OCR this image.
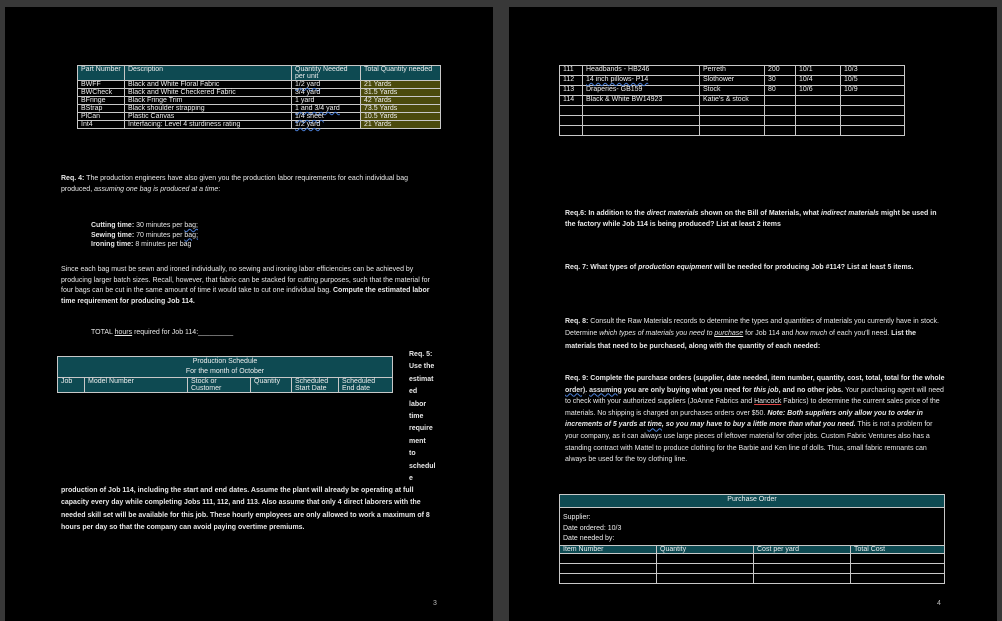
Part Number	Description	Quantity Needed per unit	Total Quantity needed
BWFF	Black and White Floral Fabric	1/2 yard	21 Yards
BWCheck	Black and White Checkered Fabric	3/4 yard	31.5 Yards
BFringe	Black Fringe Trim	1 yard	42 Yards
BStrap	Black shoulder strapping	1 and 3/4 yard	73.5 Yards
PlCan	Plastic Canvas	1/4 sheet	10.5 Yards
Int4	Interfacing: Level 4 sturdiness rating	1/2 yard	21 Yards
Req. 4: The production engineers have also given you the production labor requirements for each individual bag produced, assuming one bag is produced at a time:
Cutting time: 30 minutes per bag;
Sewing time: 70 minutes per bag;
Ironing time: 8 minutes per bag
Since each bag must be sewn and ironed individually, no sewing and ironing labor efficiencies can be achieved by producing larger batch sizes. Recall, however, that fabric can be stacked for cutting purposes, such that the material for four bags can be cut in the same amount of time it would take to cut one individual bag. Compute the estimated labor time requirement for producing Job 114.
TOTAL hours required for Job 114:_________
Production Schedule
For the month of October

Job	Model Number	Stock or Customer	Quantity	Scheduled Start Date	Scheduled End date
Req. 5:
Use the
estimat
ed
labor
time
require
ment
to
schedul
e
production of Job 114, including the start and end dates. Assume the plant will already be operating at full capacity every day while completing Jobs 111, 112, and 113. Also assume that only 4 direct laborers with the needed skill set will be available for this job. These hourly employees are only allowed to work a maximum of 8 hours per day so that the company can avoid paying overtime premiums.
3
111	Headbands - HB246	Perreth	200	10/1	10/3
112	14 inch pillows- P14	Slothower	30	10/4	10/5
113	Draperies- GB159	Stock	80	10/6	10/9
114	Black & White BW14923	Katie's & stock			

Req.6: In addition to the direct materials shown on the Bill of Materials, what indirect materials might be used in the factory while Job 114 is being produced? List at least 2 items
Req. 7: What types of production equipment will be needed for producing Job #114? List at least 5 items.
Req. 8: Consult the Raw Materials records to determine the types and quantities of materials you currently have in stock. Determine which types of materials you need to purchase for Job 114 and how much of each you'll need. List the materials that need to be purchased, along with the quantity of each needed:
Req. 9: Complete the purchase orders (supplier, date needed, item number, quantity, cost, total, total for the whole order). assuming you are only buying what you need for this job, and no other jobs. Your purchasing agent will need to check with your authorized suppliers (JoAnne Fabrics and Hancock Fabrics) to determine the current sales price of the materials. No shipping is charged on purchases orders over $50. Note: Both suppliers only allow you to order in increments of 5 yards at time, so you may have to buy a little more than what you need. This is not a problem for your company, as it can always use large pieces of leftover material for other jobs. Custom Fabric Ventures also has a standing contract with Mattel to produce clothing for the Barbie and Ken line of dolls. Thus, small fabric remnants can always be used for the toy clothing line.
Purchase Order			

Supplier:
Date ordered: 10/3
Date needed by:			

Item Number	Quantity	Cost per yard	Total Cost

4
